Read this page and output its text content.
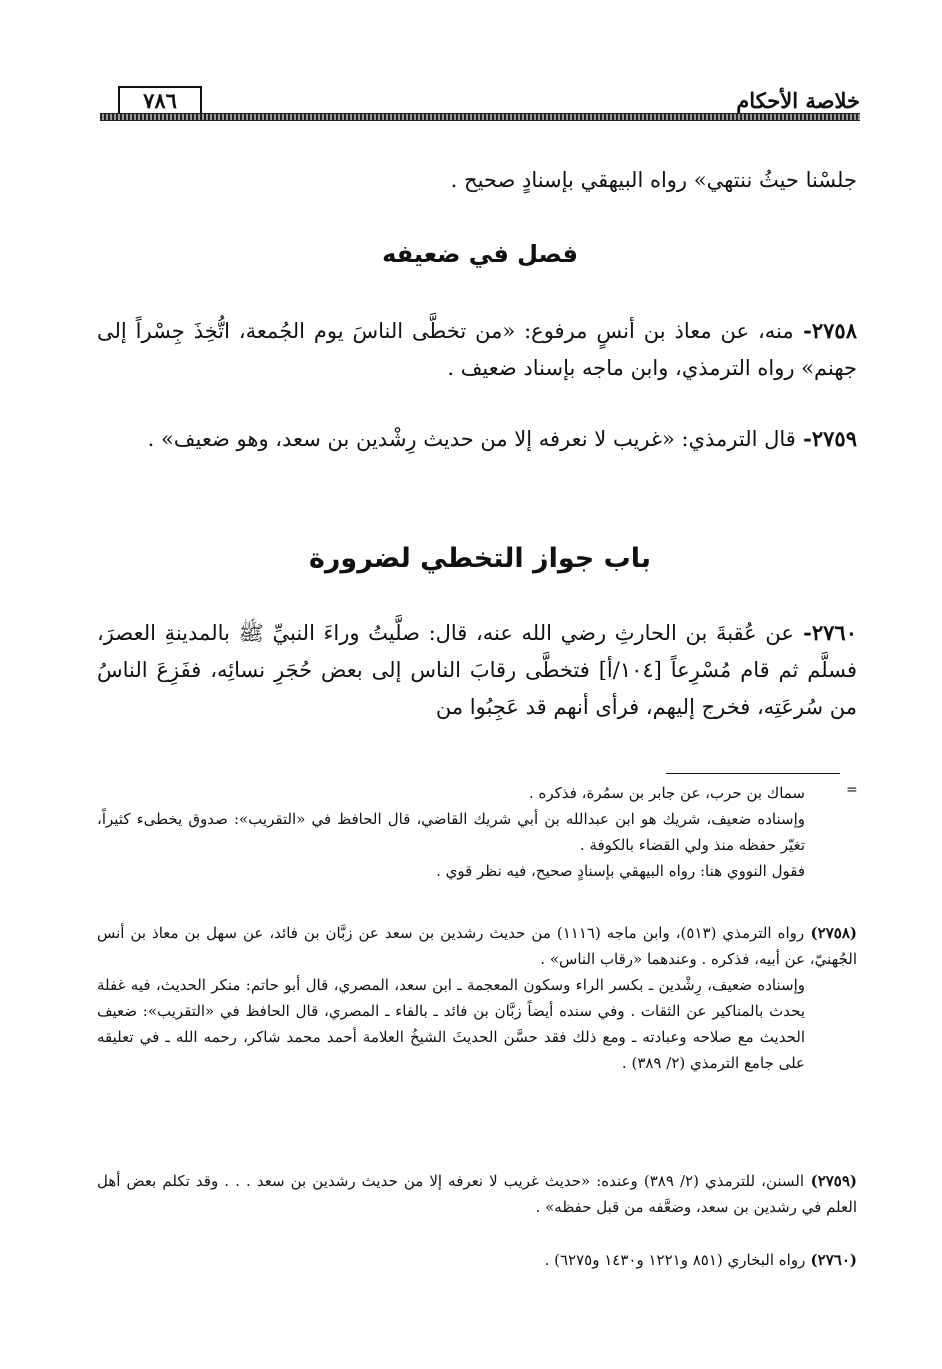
خلاصة الأحكام
٧٨٦
جلسْنا حيثُ ننتهي» رواه البيهقي بإسنادٍ صحيح .
فصل في ضعيفه
٢٧٥٨- منه، عن معاذ بن أنسٍ مرفوع: «من تخطَّى الناسَ يوم الجُمعة، اتُّخِذَ جِسْراً إلى جهنم» رواه الترمذي، وابن ماجه بإسناد ضعيف .
٢٧٥٩- قال الترمذي: «غريب لا نعرفه إلا من حديث رِشْدين بن سعد، وهو ضعيف» .
باب جواز التخطي لضرورة
٢٧٦٠- عن عُقبةَ بن الحارثِ رضي الله عنه، قال: صلَّيتُ وراءَ النبيِّ ﷺ بالمدينةِ العصرَ، فسلَّم ثم قام مُسْرِعاً [١٠٤/أ] فتخطَّى رقابَ الناس إلى بعض حُجَرِ نسائِه، ففَزِعَ الناسُ من سُرعَتِه، فخرج إليهم، فرأى أنهم قد عَجِبُوا من
=
سماك بن حرب، عن جابر بن سمُرة، فذكره .
وإسناده ضعيف، شريك هو ابن عبدالله بن أبي شريك القاضي، قال الحافظ في «التقريب»: صدوق يخطىء كثيراً، تغيّر حفظه منذ ولي القضاء بالكوفة .
فقول النووي هنا: رواه البيهقي بإسنادٍ صحيح، فيه نظر قوي .
(٢٧٥٨) رواه الترمذي (٥١٣)، وابن ماجه (١١١٦) من حديث رشدين بن سعد عن زبَّان بن فائد، عن سهل بن معاذ بن أنس الجُهنيّ، عن أبيه، فذكره . وعندهما «رقاب الناس» .
وإسناده ضعيف، رِشْدين ـ بكسر الراء وسكون المعجمة ـ ابن سعد، المصري، قال أبو حاتم: منكر الحديث، فيه غفلة يحدث بالمناكير عن الثقات . وفي سنده أيضاً زبَّان بن فائد ـ بالفاء ـ المصري، قال الحافظ في «التقريب»: ضعيف الحديث مع صلاحه وعبادته ـ ومع ذلك فقد حسَّن الحديثَ الشيخُ العلامة أحمد محمد شاكر، رحمه الله ـ في تعليقه على جامع الترمذي (٢/ ٣٨٩) .
(٢٧٥٩) السنن، للترمذي (٢/ ٣٨٩) وعنده: «حديث غريب لا نعرفه إلا من حديث رشدين بن سعد . . . وقد تكلم بعض أهل العلم في رشدين بن سعد، وضعَّفه من قبل حفظه» .
(٢٧٦٠) رواه البخاري (٨٥١ و١٢٢١ و١٤٣٠ و٦٢٧٥) .
